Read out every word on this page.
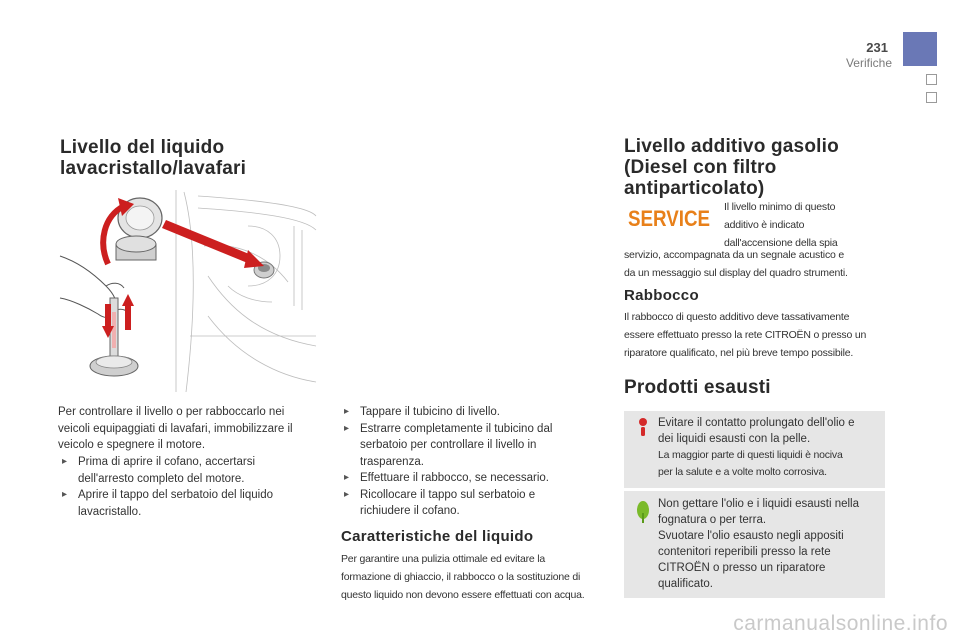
231
Verifiche
Livello del liquido
lavacristallo/lavafari
Per controllare il livello o per rabboccarlo nei
veicoli equipaggiati di lavafari, immobilizzare il
veicolo e spegnere il motore.
▸ Prima di aprire il cofano, accertarsi
dell'arresto completo del motore.
▸ Aprire il tappo del serbatoio del liquido
lavacristallo.
▸ Tappare il tubicino di livello.
▸ Estrarre completamente il tubicino dal
serbatoio per controllare il livello in
trasparenza.
▸ Effettuare il rabbocco, se necessario.
▸ Ricollocare il tappo sul serbatoio e
richiudere il cofano.
Caratteristiche del liquido
Per garantire una pulizia ottimale ed evitare la
formazione di ghiaccio, il rabbocco o la sostituzione di
questo liquido non devono essere effettuati con acqua.
Livello additivo gasolio
(Diesel con filtro
antiparticolato)
SERVICE Il livello minimo di questo
additivo è indicato
dall'accensione della spia
servizio, accompagnata da un segnale acustico e
da un messaggio sul display del quadro strumenti.
Rabbocco
Il rabbocco di questo additivo deve tassativamente
essere effettuato presso la rete CITROËN o presso un
riparatore qualificato, nel più breve tempo possibile.
Prodotti esausti
Evitare il contatto prolungato dell'olio e
dei liquidi esausti con la pelle.
La maggior parte di questi liquidi è nociva
per la salute e a volte molto corrosiva.
Non gettare l'olio e i liquidi esausti nella
fognatura o per terra.
Svuotare l'olio esausto negli appositi
contenitori reperibili presso la rete
CITROËN o presso un riparatore
qualificato.
carmanualsonline.info
